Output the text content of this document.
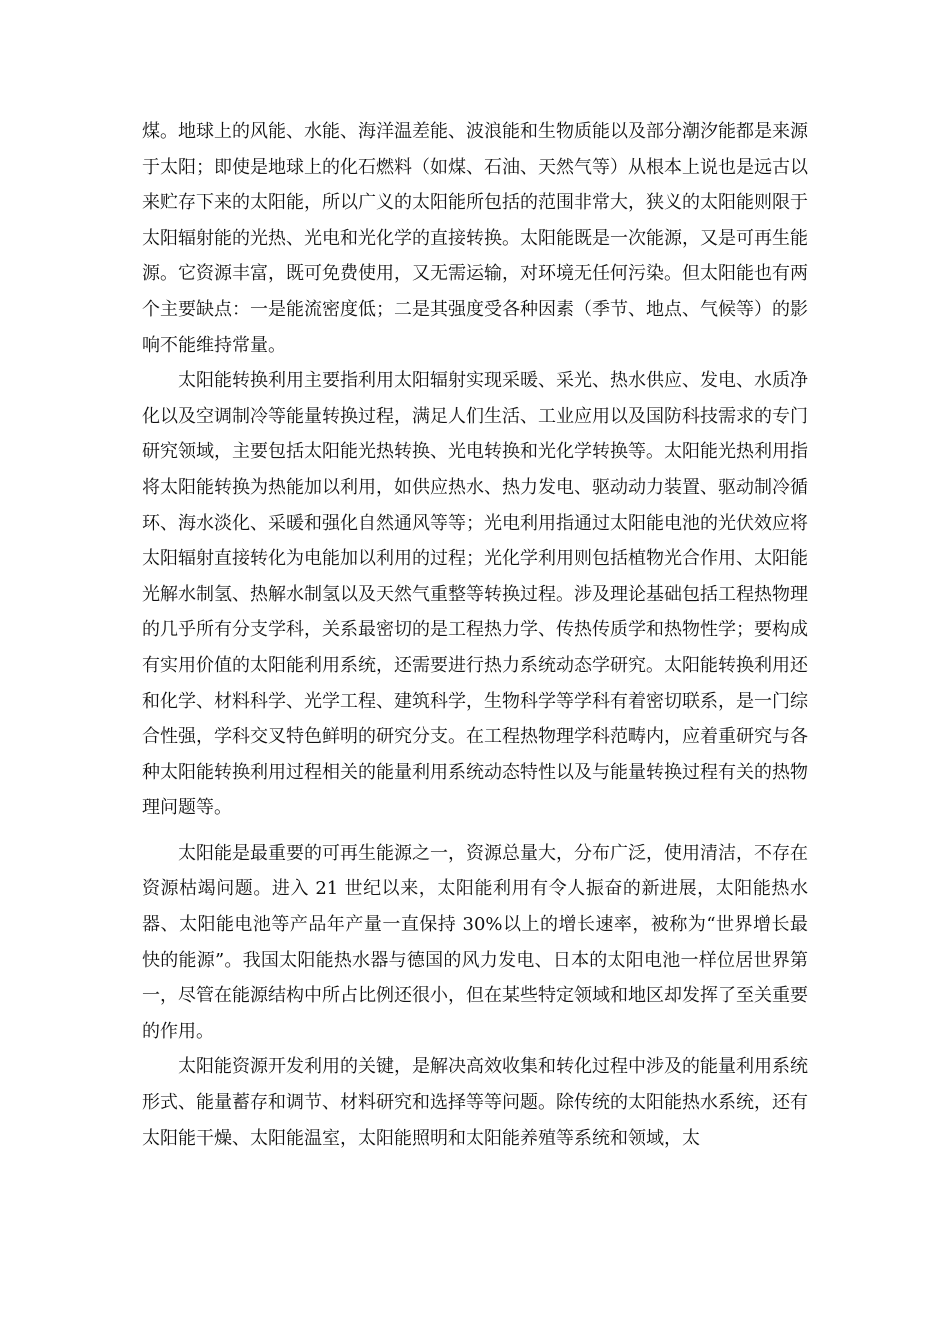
煤。地球上的风能、水能、海洋温差能、波浪能和生物质能以及部分潮汐能都是来源于太阳；即使是地球上的化石燃料（如煤、石油、天然气等）从根本上说也是远古以来贮存下来的太阳能，所以广义的太阳能所包括的范围非常大，狭义的太阳能则限于太阳辐射能的光热、光电和光化学的直接转换。太阳能既是一次能源，又是可再生能源。它资源丰富，既可免费使用，又无需运输，对环境无任何污染。但太阳能也有两个主要缺点：一是能流密度低；二是其强度受各种因素（季节、地点、气候等）的影响不能维持常量。

太阳能转换利用主要指利用太阳辐射实现采暖、采光、热水供应、发电、水质净化以及空调制冷等能量转换过程，满足人们生活、工业应用以及国防科技需求的专门研究领域，主要包括太阳能光热转换、光电转换和光化学转换等。太阳能光热利用指将太阳能转换为热能加以利用，如供应热水、热力发电、驱动动力装置、驱动制冷循环、海水淡化、采暖和强化自然通风等等；光电利用指通过太阳能电池的光伏效应将太阳辐射直接转化为电能加以利用的过程；光化学利用则包括植物光合作用、太阳能光解水制氢、热解水制氢以及天然气重整等转换过程。涉及理论基础包括工程热物理的几乎所有分支学科，关系最密切的是工程热力学、传热传质学和热物性学；要构成有实用价值的太阳能利用系统，还需要进行热力系统动态学研究。太阳能转换利用还和化学、材料科学、光学工程、建筑科学，生物科学等学科有着密切联系，是一门综合性强，学科交叉特色鲜明的研究分支。在工程热物理学科范畴内，应着重研究与各种太阳能转换利用过程相关的能量利用系统动态特性以及与能量转换过程有关的热物理问题等。

太阳能是最重要的可再生能源之一，资源总量大，分布广泛，使用清洁，不存在资源枯竭问题。进入 21 世纪以来，太阳能利用有令人振奋的新进展，太阳能热水器、太阳能电池等产品年产量一直保持 30%以上的增长速率，被称为“世界增长最快的能源”。我国太阳能热水器与德国的风力发电、日本的太阳电池一样位居世界第一，尽管在能源结构中所占比例还很小，但在某些特定领域和地区却发挥了至关重要的作用。

太阳能资源开发利用的关键，是解决高效收集和转化过程中涉及的能量利用系统形式、能量蓄存和调节、材料研究和选择等等问题。除传统的太阳能热水系统，还有太阳能干燥、太阳能温室，太阳能照明和太阳能养殖等系统和领域，太
